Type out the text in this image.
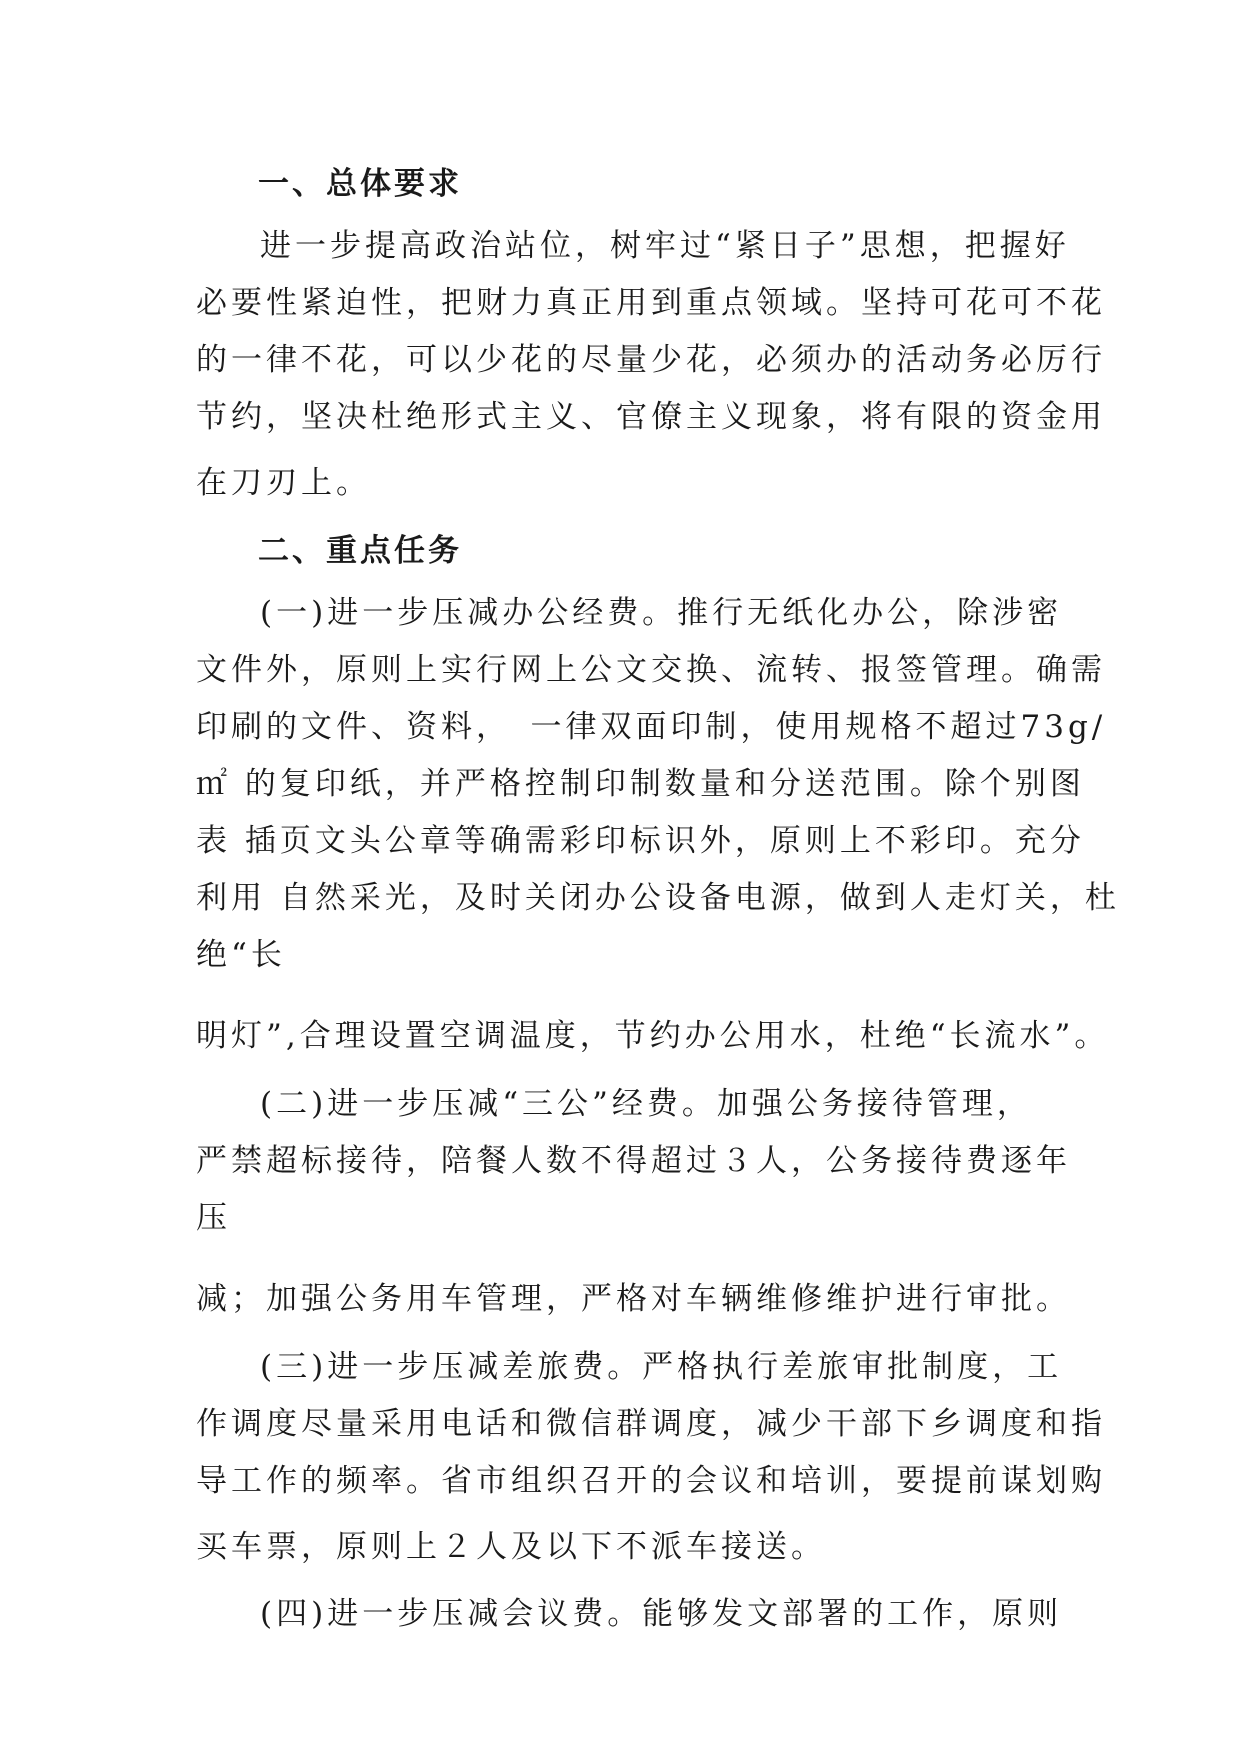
一、总体要求
进一步提高政治站位，树牢过“紧日子”思想，把握好
必要性紧迫性，把财力真正用到重点领域。坚持可花可不花
的一律不花，可以少花的尽量少花，必须办的活动务必厉行
节约，坚决杜绝形式主义、官僚主义现象，将有限的资金用
在刀刃上。
二、重点任务
(一)进一步压减办公经费。推行无纸化办公，除涉密
文件外，原则上实行网上公文交换、流转、报签管理。确需
印刷的文件、资料，　一律双面印制，使用规格不超过73g/
㎡ 的复印纸，并严格控制印制数量和分送范围。除个别图
表 插页文头公章等确需彩印标识外，原则上不彩印。充分
利用 自然采光，及时关闭办公设备电源，做到人走灯关，杜
绝“长
明灯”,合理设置空调温度，节约办公用水，杜绝“长流水”。
(二)进一步压减“三公”经费。加强公务接待管理，
严禁超标接待，陪餐人数不得超过３人，公务接待费逐年
压
减；加强公务用车管理，严格对车辆维修维护进行审批。
(三)进一步压减差旅费。严格执行差旅审批制度，工
作调度尽量采用电话和微信群调度，减少干部下乡调度和指
导工作的频率。省市组织召开的会议和培训，要提前谋划购
买车票，原则上２人及以下不派车接送。
(四)进一步压减会议费。能够发文部署的工作，原则
